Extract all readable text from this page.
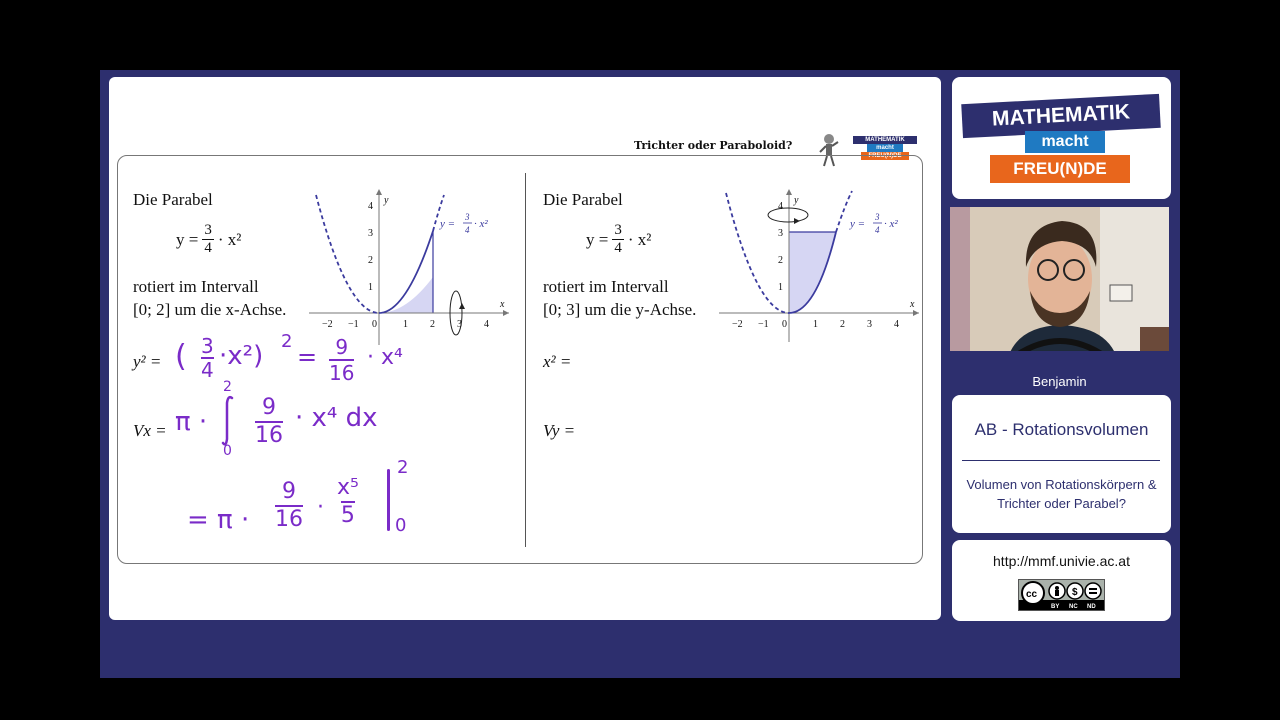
Trichter oder Paraboloid?	MATHEMATIK
macht
FREU(N)DE
Die Parabel
$y = \frac{3}{4} \cdot x^2$
rotiert im Intervall
[0; 2] um die x-Achse.
y² =
Vx =
−2 −1 0	1 2 3 4
1
2
3
4
x
y
y =
3
4 · x²
Die Parabel
$y = \frac{3}{4} \cdot x^2$
rotiert im Intervall
[0; 3] um die y-Achse.
x² =
Vy =
−2 −1 0	1 2 3 4
1
2
3
4
x
y
y =
3
4 · x²
( $\frac{3}{4} \cdot x^2$) 2
= $\frac{9}{16} \cdot x^4$
π ·
2
0
$\frac{9}{16} \cdot x^4$ dx
= $\pi \cdot \frac{9}{16} \cdot \frac{\text{x⁵}}{5}$
2
0
MATHEMATIK
macht
FREU(N)DE
Benjamin
AB - Rotationsvolumen
Volumen von Rotationskörpern & Trichter oder Parabel?
http://mmf.univie.ac.at
cc
BY NC ND
$
